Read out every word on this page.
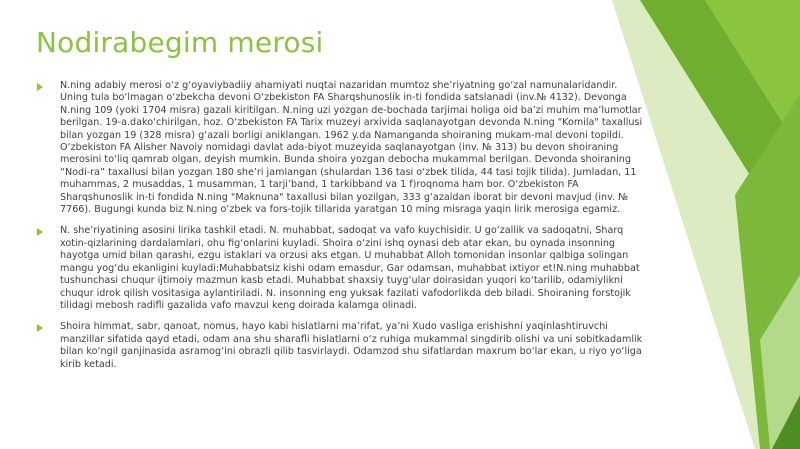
Nodirabegim merosi

N.ning adabiy merosi o‘z g‘oyaviybadiiy ahamiyati nuqtai nazaridan mumtoz she’riyatning go‘zal namunalaridandir. Uning tula bo‘lmagan o‘zbekcha devoni O‘zbekiston FA Sharqshunoslik in-ti fondida satslanadi (inv.№ 4132). Devonga N.ning 109 (yoki 1704 misra) gazali kiritilgan. N.ning uzi yozgan de-bochada tarjimai holiga oid ba’zi muhim ma’lumotlar berilgan. 19-a.dako‘chirilgan, hoz. O‘zbekiston FA Tarix muzeyi arxivida saqlanayotgan devonda N.ning "Komila" taxallusi bilan yozgan 19 (328 misra) g‘azali borligi aniklangan. 1962 y.da Namanganda shoiraning mukam-mal devoni topildi. O‘zbekiston FA Alisher Navoiy nomidagi davlat ada-biyot muzeyida saqlanayotgan (inv. № 313) bu devon shoiraning merosini to‘liq qamrab olgan, deyish mumkin. Bunda shoira yozgan debocha mukammal berilgan. Devonda shoiraning “Nodi-ra” taxallusi bilan yozgan 180 she’ri jamlangan (shulardan 136 tasi o‘zbek tilida, 44 tasi tojik tilida). Jumladan, 11 muhammas, 2 musaddas, 1 musamman, 1 tarji’band, 1 tarkibband va 1 f)roqnoma ham bor. O‘zbekiston FA Sharqshunoslik in-ti fondida N.ning "Maknuna" taxallusi bilan yozilgan, 333 g‘azaldan iborat bir devoni mavjud (inv. № 7766). Bugungi kunda biz N.ning o‘zbek va fors-tojik tillarida yaratgan 10 ming misraga yaqin lirik merosiga egamiz.

N. she’riyatining asosini lirika tashkil etadi. N. muhabbat, sadoqat va vafo kuychisidir. U go‘zallik va sadoqatni, Sharq xotin-qizlarining dardalamlari, ohu fig‘onlarini kuyladi. Shoira o‘zini ishq oynasi deb atar ekan, bu oynada insonning hayotga umid bilan qarashi, ezgu istaklari va orzusi aks etgan. U muhabbat Alloh tomonidan insonlar qalbiga solingan mangu yog‘du ekanligini kuyladi:Muhabbatsiz kishi odam emasdur, Gar odamsan, muhabbat ixtiyor et!N.ning muhabbat tushunchasi chuqur ijtimoiy mazmun kasb etadi. Muhabbat shaxsiy tuyg‘ular doirasidan yuqori ko‘tarilib, odamiylikni chuqur idrok qilish vositasiga aylantiriladi. N. insonning eng yuksak fazilati vafodorlikda deb biladi. Shoiraning forstojik tilidagi mebosh radifli gazalida vafo mavzui keng doirada kalamga olinadi.

Shoira himmat, sabr, qanoat, nomus, hayo kabi hislatlarni ma’rifat, ya’ni Xudo vasliga erishishni yaqinlashtiruvchi manzillar sifatida qayd etadi, odam ana shu sharafli hislatlarni o‘z ruhiga mukammal singdirib olishi va uni sobitkadamlik bilan ko‘ngil ganjinasida asramog‘ini obrazli qilib tasvirlaydi. Odamzod shu sifatlardan maxrum bo‘lar ekan, u riyo yo‘liga kirib ketadi.
